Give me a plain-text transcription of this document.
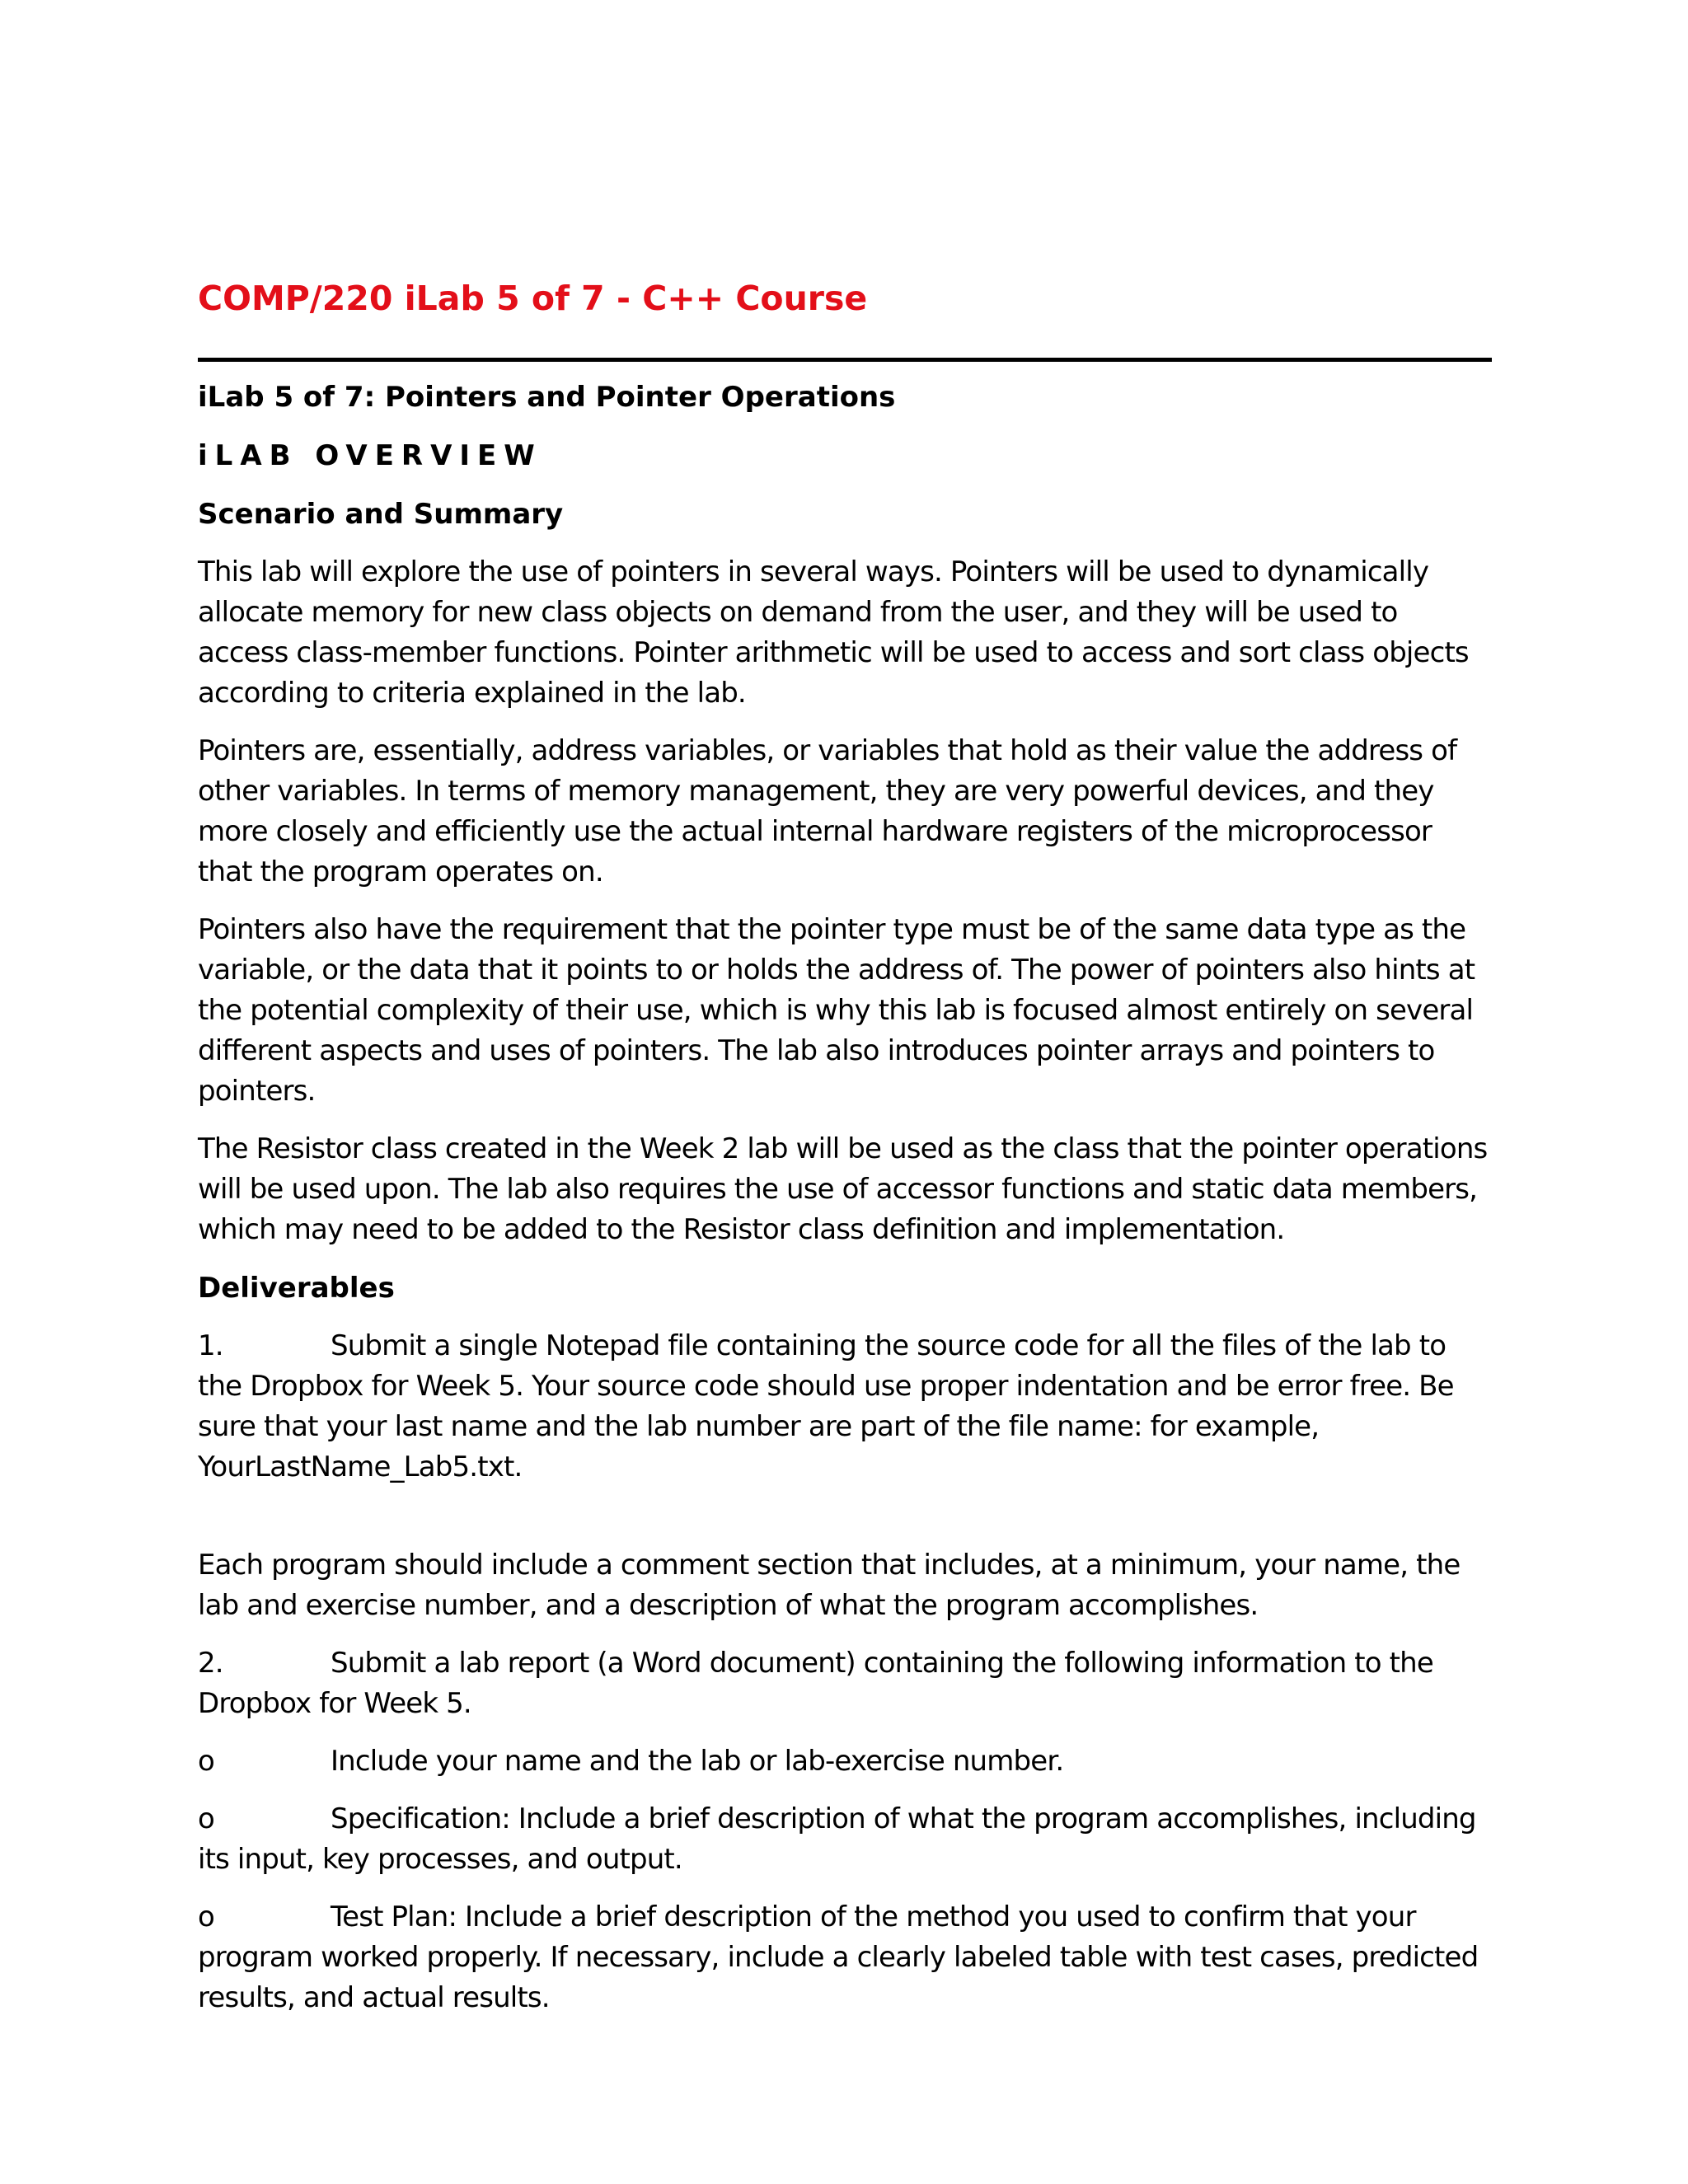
COMP/220 iLab 5 of 7 - C++ Course
iLab 5 of 7: Pointers and Pointer Operations
iLAB OVERVIEW
Scenario and Summary

This lab will explore the use of pointers in several ways. Pointers will be used to dynamically allocate memory for new class objects on demand from the user, and they will be used to access class-member functions. Pointer arithmetic will be used to access and sort class objects according to criteria explained in the lab.

Pointers are, essentially, address variables, or variables that hold as their value the address of other variables. In terms of memory management, they are very powerful devices, and they more closely and efficiently use the actual internal hardware registers of the microprocessor that the program operates on.

Pointers also have the requirement that the pointer type must be of the same data type as the variable, or the data that it points to or holds the address of. The power of pointers also hints at the potential complexity of their use, which is why this lab is focused almost entirely on several different aspects and uses of pointers. The lab also introduces pointer arrays and pointers to pointers.

The Resistor class created in the Week 2 lab will be used as the class that the pointer operations will be used upon. The lab also requires the use of accessor functions and static data members, which may need to be added to the Resistor class definition and implementation.

Deliverables

1.	Submit a single Notepad file containing the source code for all the files of the lab to the Dropbox for Week 5. Your source code should use proper indentation and be error free. Be sure that your last name and the lab number are part of the file name: for example, YourLastName_Lab5.txt.

Each program should include a comment section that includes, at a minimum, your name, the lab and exercise number, and a description of what the program accomplishes.

2.	Submit a lab report (a Word document) containing the following information to the Dropbox for Week 5.

o	Include your name and the lab or lab-exercise number.

o	Specification: Include a brief description of what the program accomplishes, including its input, key processes, and output.

o	Test Plan: Include a brief description of the method you used to confirm that your program worked properly. If necessary, include a clearly labeled table with test cases, predicted results, and actual results.
